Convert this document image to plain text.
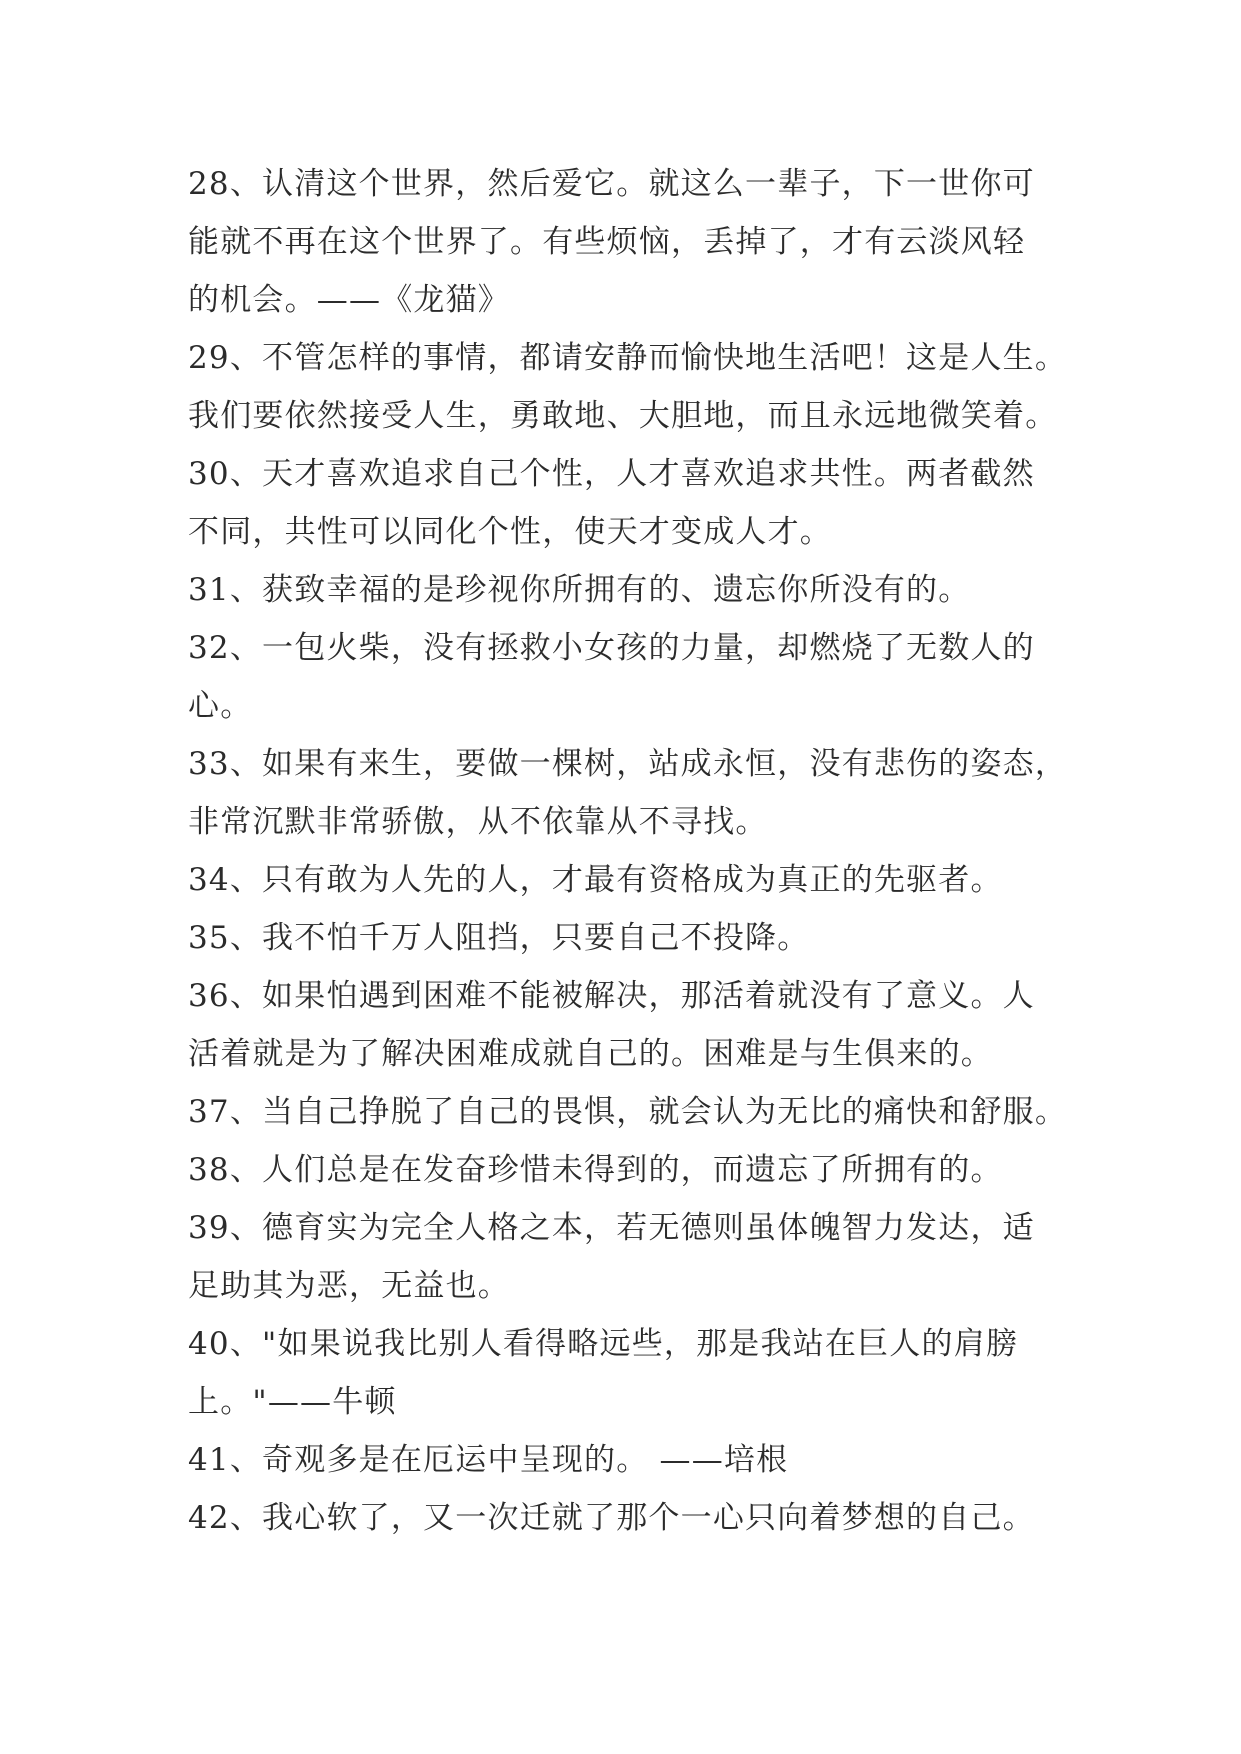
28、认清这个世界，然后爱它。就这么一辈子，下一世你可
能就不再在这个世界了。有些烦恼，丢掉了，才有云淡风轻
的机会。——《龙猫》
29、不管怎样的事情，都请安静而愉快地生活吧！这是人生。
我们要依然接受人生，勇敢地、大胆地，而且永远地微笑着。
30、天才喜欢追求自己个性，人才喜欢追求共性。两者截然
不同，共性可以同化个性，使天才变成人才。
31、获致幸福的是珍视你所拥有的、遗忘你所没有的。
32、一包火柴，没有拯救小女孩的力量，却燃烧了无数人的
心。
33、如果有来生，要做一棵树，站成永恒，没有悲伤的姿态，
非常沉默非常骄傲，从不依靠从不寻找。
34、只有敢为人先的人，才最有资格成为真正的先驱者。
35、我不怕千万人阻挡，只要自己不投降。
36、如果怕遇到困难不能被解决，那活着就没有了意义。人
活着就是为了解决困难成就自己的。困难是与生俱来的。
37、当自己挣脱了自己的畏惧，就会认为无比的痛快和舒服。
38、人们总是在发奋珍惜未得到的，而遗忘了所拥有的。
39、德育实为完全人格之本，若无德则虽体魄智力发达，适
足助其为恶，无益也。
40、"如果说我比别人看得略远些，那是我站在巨人的肩膀
上。"——牛顿
41、奇观多是在厄运中呈现的。 ——培根
42、我心软了，又一次迁就了那个一心只向着梦想的自己。
